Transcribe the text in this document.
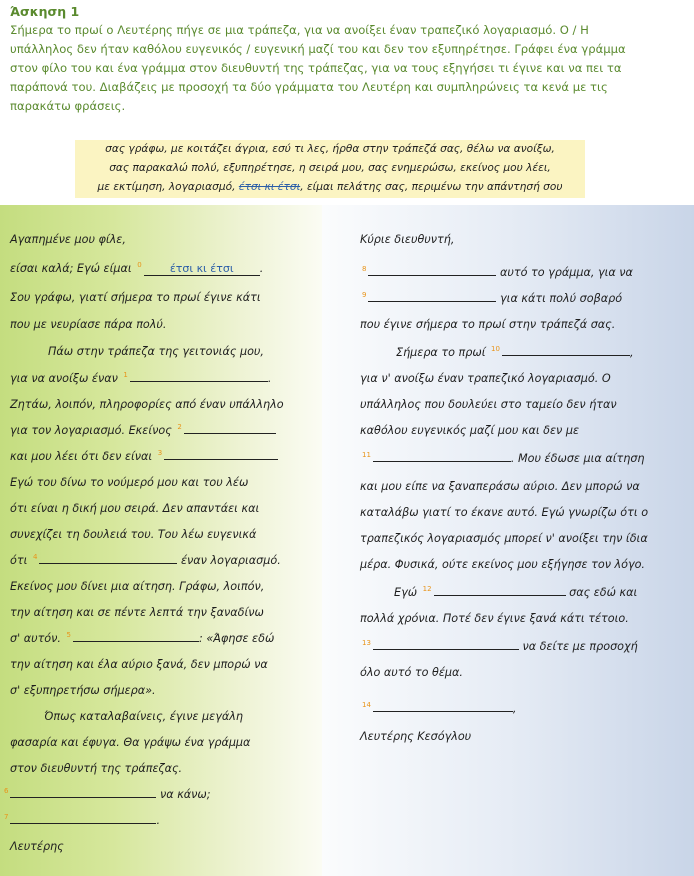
Άσκηση 1
Σήμερα το πρωί ο Λευτέρης πήγε σε μια τράπεζα, για να ανοίξει έναν τραπεζικό λογαριασμό. Ο / Η
υπάλληλος δεν ήταν καθόλου ευγενικός / ευγενική μαζί του και δεν τον εξυπηρέτησε. Γράφει ένα γράμμα
στον φίλο του και ένα γράμμα στον διευθυντή της τράπεζας, για να τους εξηγήσει τι έγινε και να πει τα
παράπονά του. Διαβάζεις με προσοχή τα δύο γράμματα του Λευτέρη και συμπληρώνεις τα κενά με τις
παρακάτω φράσεις.
σας γράφω, με κοιτάζει άγρια, εσύ τι λες, ήρθα στην τράπεζά σας, θέλω να ανοίξω,
σας παρακαλώ πολύ, εξυπηρέτησε, η σειρά μου, σας ενημερώσω, εκείνος μου λέει,
με εκτίμηση, λογαριασμό, έτσι κι έτσι, είμαι πελάτης σας, περιμένω την απάντησή σου
Αγαπημένε μου φίλε,
είσαι καλά; Εγώ είμαι $^0$	έτσι κι έτσι .
Σου γράφω, γιατί σήμερα το πρωί έγινε κάτι
που με νευρίασε πάρα πολύ.
Πάω στην τράπεζα της γειτονιάς μου,
για να ανοίξω έναν $^1$	.
Ζητάω, λοιπόν, πληροφορίες από έναν υπάλληλο
για τον λογαριασμό. Εκείνος $^2$
και μου λέει ότι δεν είναι $^3$
Εγώ του δίνω το νούμερό μου και του λέω
ότι είναι η δική μου σειρά. Δεν απαντάει και
συνεχίζει τη δουλειά του. Του λέω ευγενικά
ότι $^4$	έναν λογαριασμό.
Εκείνος μου δίνει μια αίτηση. Γράφω, λοιπόν,
την αίτηση και σε πέντε λεπτά την ξαναδίνω
σ' αυτόν. $^5$	: «Άφησε εδώ
την αίτηση και έλα αύριο ξανά, δεν μπορώ να
σ' εξυπηρετήσω σήμερα».
Όπως καταλαβαίνεις, έγινε μεγάλη
φασαρία και έφυγα. Θα γράψω ένα γράμμα
στον διευθυντή της τράπεζας.
$^6$	να κάνω;
$^7$	.
Λευτέρης
Κύριε διευθυντή,
$^8$	αυτό το γράμμα, για να
$^9$	για κάτι πολύ σοβαρό
που έγινε σήμερα το πρωί στην τράπεζά σας.
Σήμερα το πρωί $^{10}$	,
για ν' ανοίξω έναν τραπεζικό λογαριασμό. Ο
υπάλληλος που δουλεύει στο ταμείο δεν ήταν
καθόλου ευγενικός μαζί μου και δεν με
$^{11}$	. Μου έδωσε μια αίτηση
και μου είπε να ξαναπεράσω αύριο. Δεν μπορώ να
καταλάβω γιατί το έκανε αυτό. Εγώ γνωρίζω ότι ο
τραπεζικός λογαριασμός μπορεί ν' ανοίξει την ίδια
μέρα. Φυσικά, ούτε εκείνος μου εξήγησε τον λόγο.
Εγώ $^{12}$	σας εδώ και
πολλά χρόνια. Ποτέ δεν έγινε ξανά κάτι τέτοιο.
$^{13}$	να δείτε με προσοχή
όλο αυτό το θέμα.
$^{14}$	,
Λευτέρης Κεσόγλου
